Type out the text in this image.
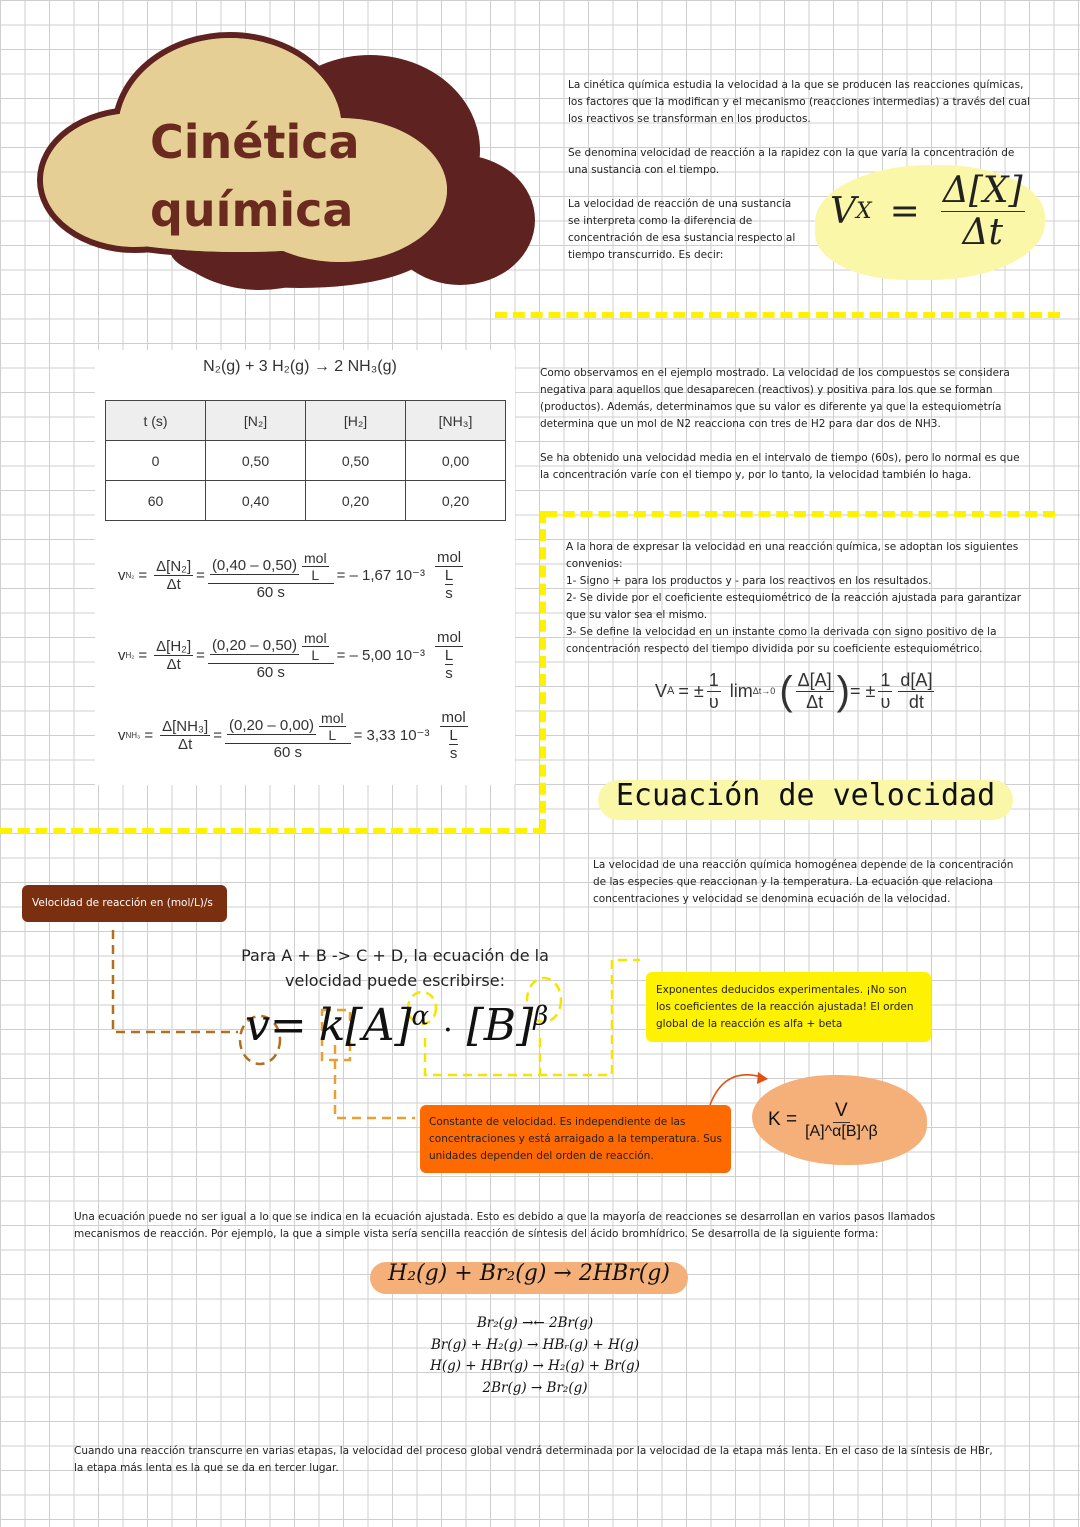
Cinética
química

La cinética química estudia la velocidad a la que se producen las reacciones químicas, los factores que la modifican y el mecanismo (reacciones intermedias) a través del cual los reactivos se transforman en los productos.

Se denomina velocidad de reacción a la rapidez con la que varía la concentración de una sustancia con el tiempo.

La velocidad de reacción de una sustancia se interpreta como la diferencia de concentración de esa sustancia respecto al tiempo transcurrido. Es decir:

V $X = \frac{\Delta[X]}{\Delta t}$
N₂(g) + 3 H₂(g) → 2 NH₃(g)
t (s)	[N₂]	[H₂]	[NH₃]
0	0,50	0,50	0,00
60	0,40	0,20	0,20
v $N_2 = \frac{\text{Δ[N₂]}}{\Delta t} = \frac{(0,40 - 0,50) \frac{\text{mol}}{L}}{60 s}$ = – 1,67 10⁻³
mol
L
s
v $H_2 = \frac{\text{Δ[H₂]}}{\Delta t} = \frac{(0,20 - 0,50) \frac{\text{mol}}{L}}{60 s}$ = – 5,00 10⁻³
mol
L
s
v $NH_3 = \frac{\text{Δ[NH₃]}}{\Delta t} = \frac{(0,20 - 0,00) \frac{\text{mol}}{L}}{60 s} = 3,33$ 10⁻³
mol
L
s

Como observamos en el ejemplo mostrado. La velocidad de los compuestos se considera negativa para aquellos que desaparecen (reactivos) y positiva para los que se forman (productos). Además, determinamos que su valor es diferente ya que la estequiometría determina que un mol de N2 reacciona con tres de H2 para dar dos de NH3.

Se ha obtenido una velocidad media en el intervalo de tiempo (60s), pero lo normal es que la concentración varíe con el tiempo y, por lo tanto, la velocidad también lo haga.

A la hora de expresar la velocidad en una reacción química, se adoptan los siguientes convenios:

1- Signo + para los productos y - para los reactivos en los resultados.

2- Se divide por el coeficiente estequiométrico de la reacción ajustada para garantizar que su valor sea el mismo.

3- Se define la velocidad en un instante como la derivada con signo positivo de la concentración respecto del tiempo dividida por su coeficiente estequiométrico.

V A = ± $\frac{1}{\upsilon}$ lim Δt→0 ( $\frac{\Delta[A]}{\Delta t}$ ) = ± $\frac{1}{\upsilon} \frac{d[A]}{dt}$
Ecuación de velocidad
La velocidad de una reacción química homogénea depende de la concentración de las especies que reaccionan y la temperatura. La ecuación que relaciona concentraciones y velocidad se denomina ecuación de la velocidad.
Velocidad de reacción en (mol/L)/s
Para A + B -> C + D, la ecuación de la velocidad puede escribirse:
$v= k[A]^\alpha \cdot [B]^\beta$
Exponentes deducidos experimentales. ¡No son los coeficientes de la reacción ajustada! El orden global de la reacción es alfa + beta
Constante de velocidad. Es independiente de las concentraciones y está arraigado a la temperatura. Sus unidades dependen del orden de reacción.
$K = \frac{V}{[A]\^{}\alpha[B]\^{}\beta}$
Una ecuación puede no ser igual a lo que se indica en la ecuación ajustada. Esto es debido a que la mayoría de reacciones se desarrollan en varios pasos llamados mecanismos de reacción. Por ejemplo, la que a simple vista sería sencilla reacción de síntesis del ácido bromhídrico. Se desarrolla de la siguiente forma:
H₂(g) + Br₂(g) → 2HBr(g)
Br₂(g) →← 2Br(g)
Br(g) + H₂(g) → HBᵣ(g) + H(g)
H(g) + HBr(g) → H₂(g) + Br(g)
2Br(g) → Br₂(g)
Cuando una reacción transcurre en varias etapas, la velocidad del proceso global vendrá determinada por la velocidad de la etapa más lenta. En el caso de la síntesis de HBr, la etapa más lenta es la que se da en tercer lugar.
